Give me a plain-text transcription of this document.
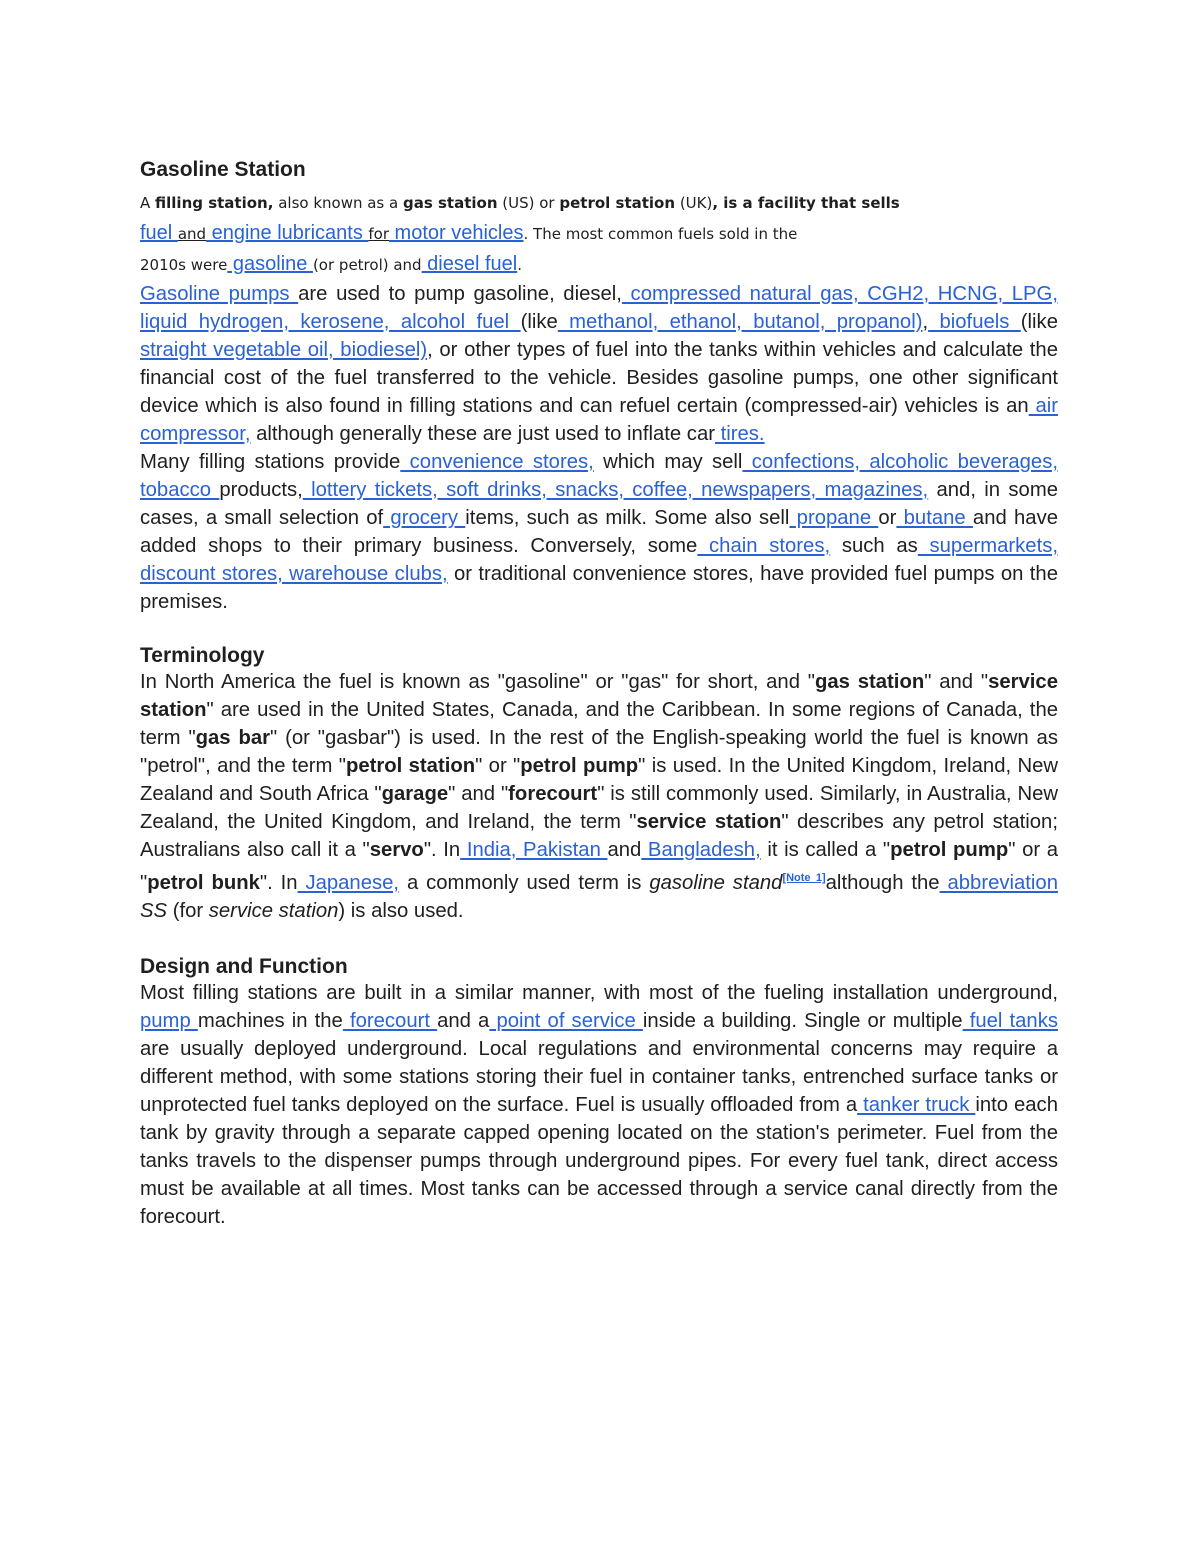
Gasoline Station
A filling station, also known as a gas station (US) or petrol station (UK), is a facility that sells
fuel and engine lubricants for motor vehicles. The most common fuels sold in the
2010s were gasoline (or petrol) and diesel fuel.

Gasoline pumps are used to pump gasoline, diesel, compressed natural gas, CGH2, HCNG, LPG, liquid hydrogen, kerosene, alcohol fuel (like methanol, ethanol, butanol, propanol), biofuels (like straight vegetable oil, biodiesel), or other types of fuel into the tanks within vehicles and calculate the financial cost of the fuel transferred to the vehicle. Besides gasoline pumps, one other significant device which is also found in filling stations and can refuel certain (compressed-air) vehicles is an air compressor, although generally these are just used to inflate car tires.

Many filling stations provide convenience stores, which may sell confections, alcoholic beverages, tobacco products, lottery tickets, soft drinks, snacks, coffee, newspapers, magazines, and, in some cases, a small selection of grocery items, such as milk. Some also sell propane or butane and have added shops to their primary business. Conversely, some chain stores, such as supermarkets, discount stores, warehouse clubs, or traditional convenience stores, have provided fuel pumps on the premises.

Terminology

In North America the fuel is known as "gasoline" or "gas" for short, and "gas station" and "service station" are used in the United States, Canada, and the Caribbean. In some regions of Canada, the term "gas bar" (or "gasbar") is used. In the rest of the English-speaking world the fuel is known as "petrol", and the term "petrol station" or "petrol pump" is used. In the United Kingdom, Ireland, New Zealand and South Africa "garage" and "forecourt" is still commonly used. Similarly, in Australia, New Zealand, the United Kingdom, and Ireland, the term "service station" describes any petrol station; Australians also call it a "servo". In India, Pakistan and Bangladesh, it is called a "petrol pump" or a "petrol bunk". In Japanese, a commonly used term is gasoline stand[Note 1]although the abbreviation SS (for service station) is also used.

Design and Function

Most filling stations are built in a similar manner, with most of the fueling installation underground, pump machines in the forecourt and a point of service inside a building. Single or multiple fuel tanks are usually deployed underground. Local regulations and environmental concerns may require a different method, with some stations storing their fuel in container tanks, entrenched surface tanks or unprotected fuel tanks deployed on the surface. Fuel is usually offloaded from a tanker truck into each tank by gravity through a separate capped opening located on the station's perimeter. Fuel from the tanks travels to the dispenser pumps through underground pipes. For every fuel tank, direct access must be available at all times. Most tanks can be accessed through a service canal directly from the forecourt.
